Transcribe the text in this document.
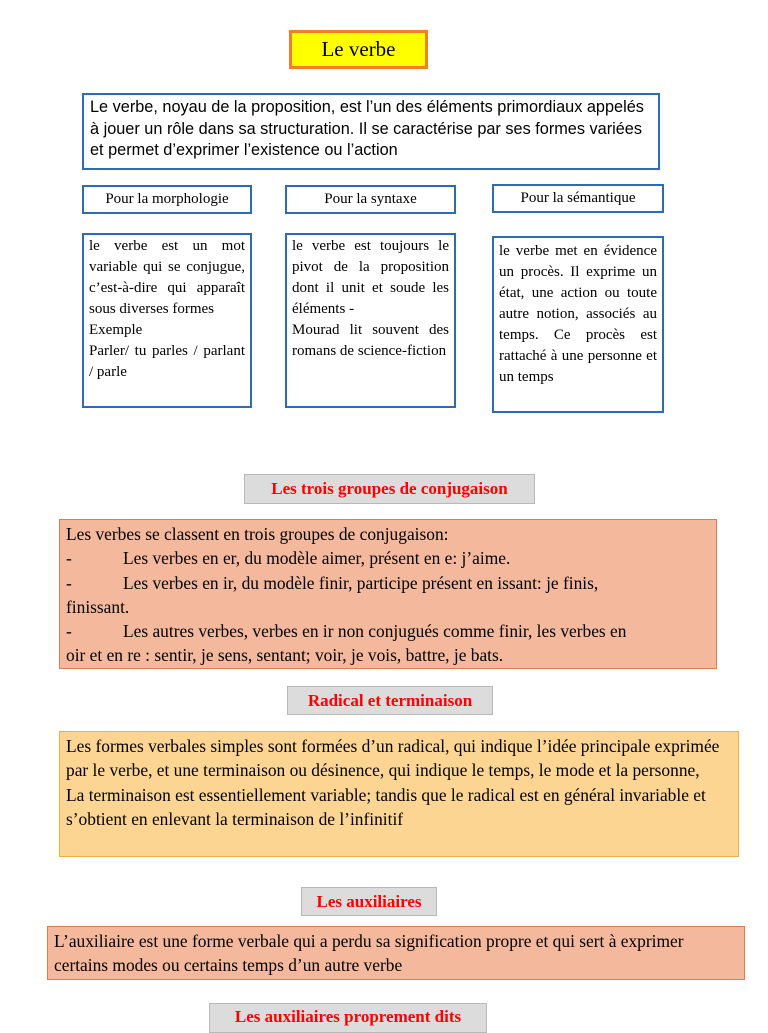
Le verbe
Le verbe, noyau de la proposition, est l’un des éléments primordiaux appelés à jouer un rôle dans sa structuration. Il se caractérise par ses formes variées et permet d’exprimer l’existence ou l’action
Pour la morphologie	Pour la syntaxe	Pour la sémantique
le verbe est un mot variable qui se conjugue, c’est-à-dire qui apparaît sous diverses formes
Exemple
Parler/ tu parles / parlant / parle
le verbe est toujours le pivot de la proposition dont il unit et soude les éléments -
Mourad lit souvent des romans de science-fiction
le verbe met en évidence un procès. Il exprime un état, une action ou toute autre notion, associés au temps. Ce procès est rattaché à une personne et un temps
Les trois groupes de conjugaison
Les verbes se classent en trois groupes de conjugaison:
-	Les verbes en er, du modèle aimer, présent en e: j’aime.
-	Les verbes en ir, du modèle finir, participe présent en issant: je finis,
finissant.
-	Les autres verbes, verbes en ir non conjugués comme finir, les verbes en
oir et en re : sentir, je sens, sentant; voir, je vois, battre, je bats.
Radical et terminaison
Les formes verbales simples sont formées d’un radical, qui indique l’idée principale exprimée par le verbe, et une terminaison ou désinence, qui indique le temps, le mode et la personne,
La terminaison est essentiellement variable; tandis que le radical est en général invariable et s’obtient en enlevant la terminaison de l’infinitif
Les auxiliaires
L’auxiliaire est une forme verbale qui a perdu sa signification propre et qui sert à exprimer certains modes ou certains temps d’un autre verbe
Les auxiliaires proprement dits
